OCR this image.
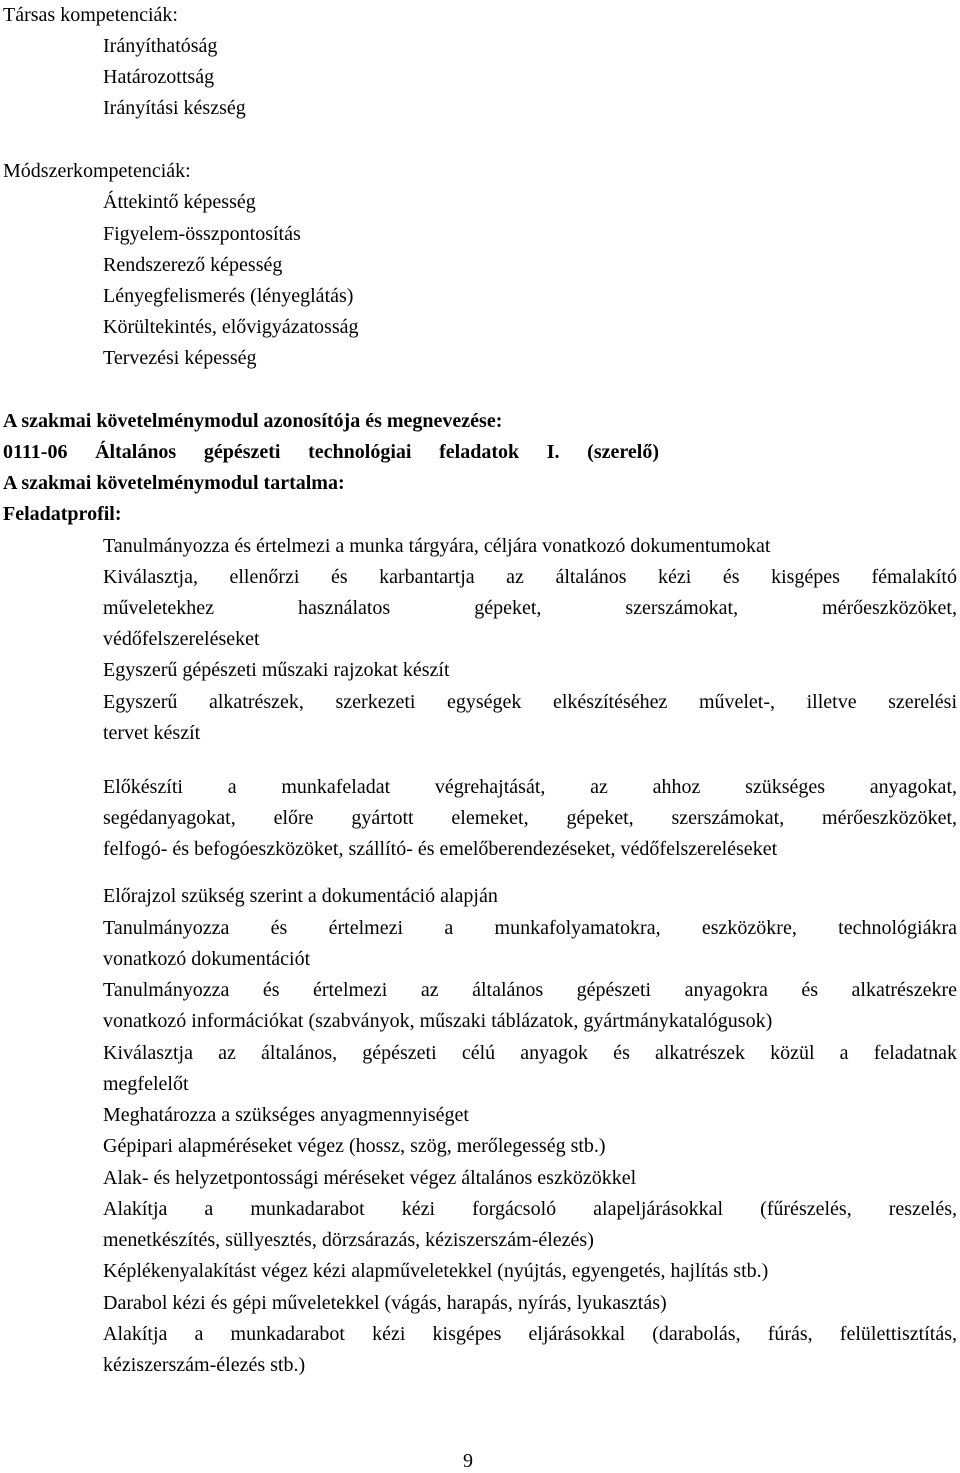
Társas kompetenciák:
Irányíthatóság
Határozottság
Irányítási készség
Módszerkompetenciák:
Áttekintő képesség
Figyelem-összpontosítás
Rendszerező képesség
Lényegfelismerés (lényeglátás)
Körültekintés, elővigyázatosság
Tervezési képesség
A szakmai követelménymodul azonosítója és megnevezése:
0111-06 Általános gépészeti technológiai feladatok I. (szerelő)
A szakmai követelménymodul tartalma:
Feladatprofil:
Tanulmányozza és értelmezi a munka tárgyára, céljára vonatkozó dokumentumokat
Kiválasztja, ellenőrzi és karbantartja az általános kézi és kisgépes fémalakító
műveletekhez használatos gépeket, szerszámokat, mérőeszközöket,
védőfelszereléseket
Egyszerű gépészeti műszaki rajzokat készít
Egyszerű alkatrészek, szerkezeti egységek elkészítéséhez művelet-, illetve szerelési
tervet készít
Előkészíti a munkafeladat végrehajtását, az ahhoz szükséges anyagokat,
segédanyagokat, előre gyártott elemeket, gépeket, szerszámokat, mérőeszközöket,
felfogó- és befogóeszközöket, szállító- és emelőberendezéseket, védőfelszereléseket
Előrajzol szükség szerint a dokumentáció alapján
Tanulmányozza és értelmezi a munkafolyamatokra, eszközökre, technológiákra
vonatkozó dokumentációt
Tanulmányozza és értelmezi az általános gépészeti anyagokra és alkatrészekre
vonatkozó információkat (szabványok, műszaki táblázatok, gyártmánykatalógusok)
Kiválasztja az általános, gépészeti célú anyagok és alkatrészek közül a feladatnak
megfelelőt
Meghatározza a szükséges anyagmennyiséget
Gépipari alapméréseket végez (hossz, szög, merőlegesség stb.)
Alak- és helyzetpontossági méréseket végez általános eszközökkel
Alakítja a munkadarabot kézi forgácsoló alapeljárásokkal (fűrészelés, reszelés,
menetkészítés, süllyesztés, dörzsárazás, kéziszerszám-élezés)
Képlékenyalakítást végez kézi alapműveletekkel (nyújtás, egyengetés, hajlítás stb.)
Darabol kézi és gépi műveletekkel (vágás, harapás, nyírás, lyukasztás)
Alakítja a munkadarabot kézi kisgépes eljárásokkal (darabolás, fúrás, felülettisztítás,
kéziszerszám-élezés stb.)
9
